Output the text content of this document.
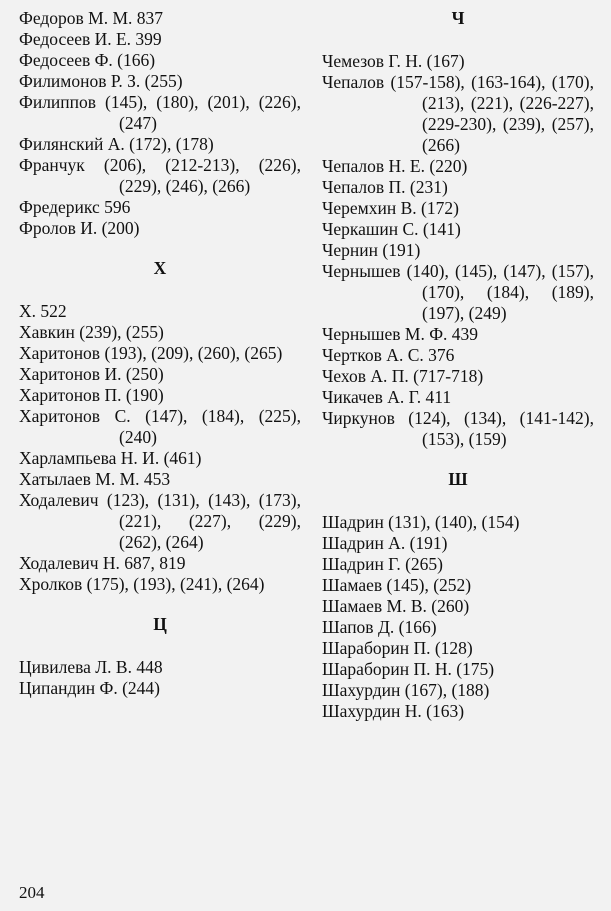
Федоров М. М. 837
Федосеев И. Е. 399
Федосеев Ф. (166)
Филимонов Р. З. (255)
Филиппов (145), (180), (201), (226), (247)
Филянский А. (172), (178)
Франчук (206), (212-213), (226), (229), (246), (266)
Фредерикс 596
Фролов И. (200)
Х
Х. 522
Хавкин (239), (255)
Харитонов (193), (209), (260), (265)
Харитонов И. (250)
Харитонов П. (190)
Харитонов С. (147), (184), (225), (240)
Харлампьева Н. И. (461)
Хатылаев М. М. 453
Ходалевич (123), (131), (143), (173), (221), (227), (229), (262), (264)
Ходалевич Н. 687, 819
Хролков (175), (193), (241), (264)
Ц
Цивилева Л. В. 448
Ципандин Ф. (244)
Ч
Чемезов Г. Н. (167)
Чепалов (157-158), (163-164), (170), (213), (221), (226-227), (229-230), (239), (257), (266)
Чепалов Н. Е. (220)
Чепалов П. (231)
Черемхин В. (172)
Черкашин С. (141)
Чернин (191)
Чернышев (140), (145), (147), (157), (170), (184), (189), (197), (249)
Чернышев М. Ф. 439
Чертков А. С. 376
Чехов А. П. (717-718)
Чикачев А. Г. 411
Чиркунов (124), (134), (141-142), (153), (159)
Ш
Шадрин (131), (140), (154)
Шадрин А. (191)
Шадрин Г. (265)
Шамаев (145), (252)
Шамаев М. В. (260)
Шапов Д. (166)
Шараборин П. (128)
Шараборин П. Н. (175)
Шахурдин (167), (188)
Шахурдин Н. (163)
204
